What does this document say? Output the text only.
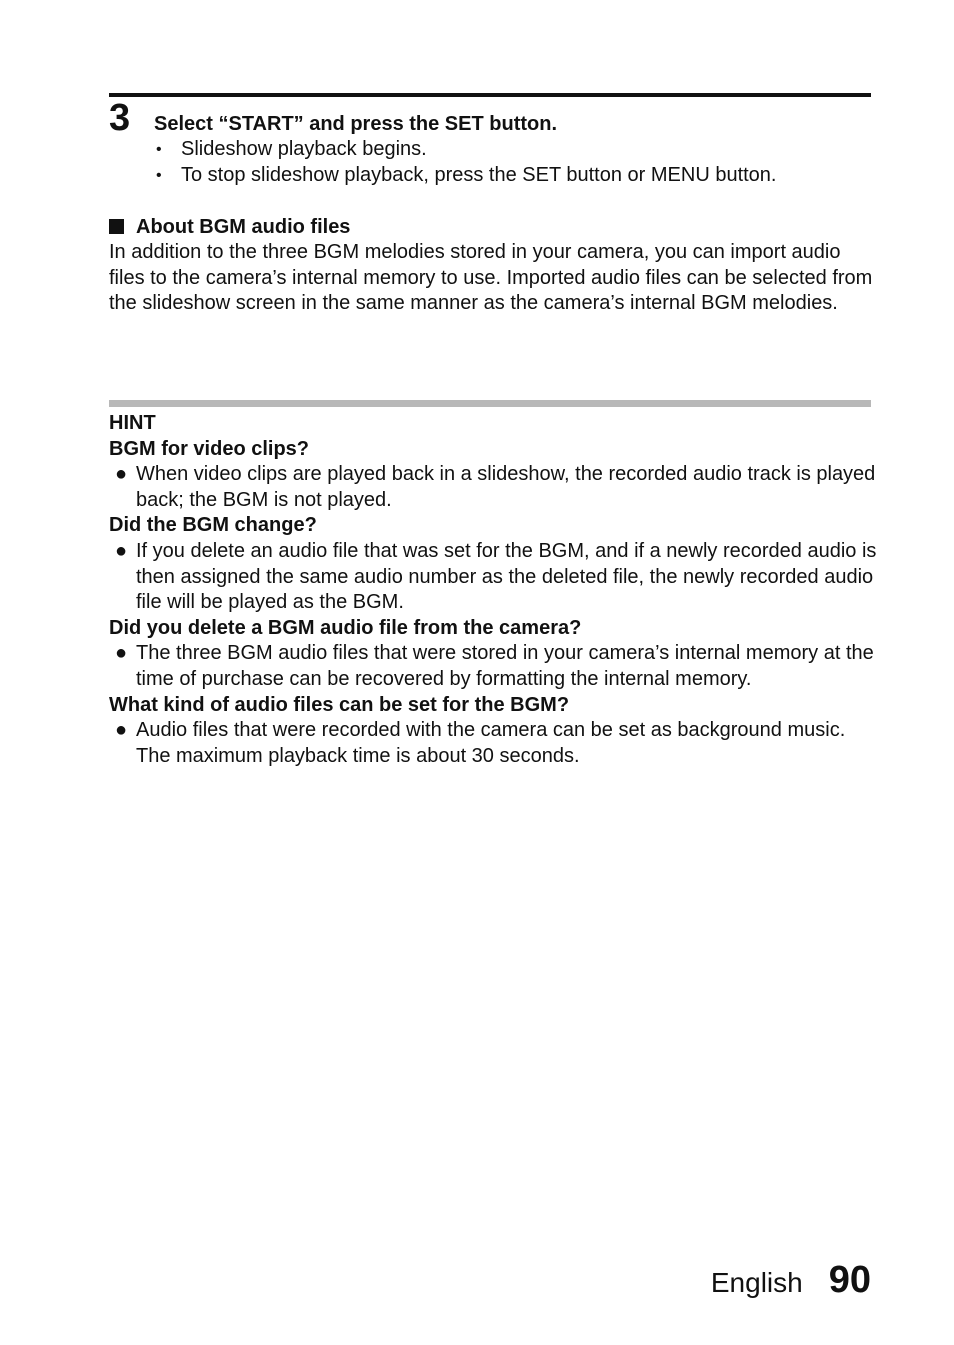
3 Select “START” and press the SET button.
• Slideshow playback begins.
• To stop slideshow playback, press the SET button or MENU button.
About BGM audio files

In addition to the three BGM melodies stored in your camera, you can import audio files to the camera’s internal memory to use. Imported audio files can be selected from the slideshow screen in the same manner as the camera’s internal BGM melodies.

HINT
BGM for video clips?
● When video clips are played back in a slideshow, the recorded audio track is played back; the BGM is not played.
Did the BGM change?
● If you delete an audio file that was set for the BGM, and if a newly recorded audio is then assigned the same audio number as the deleted file, the newly recorded audio file will be played as the BGM.
Did you delete a BGM audio file from the camera?
● The three BGM audio files that were stored in your camera’s internal memory at the time of purchase can be recovered by formatting the internal memory.
What kind of audio files can be set for the BGM?
● Audio files that were recorded with the camera can be set as background music. The maximum playback time is about 30 seconds.
English 90
